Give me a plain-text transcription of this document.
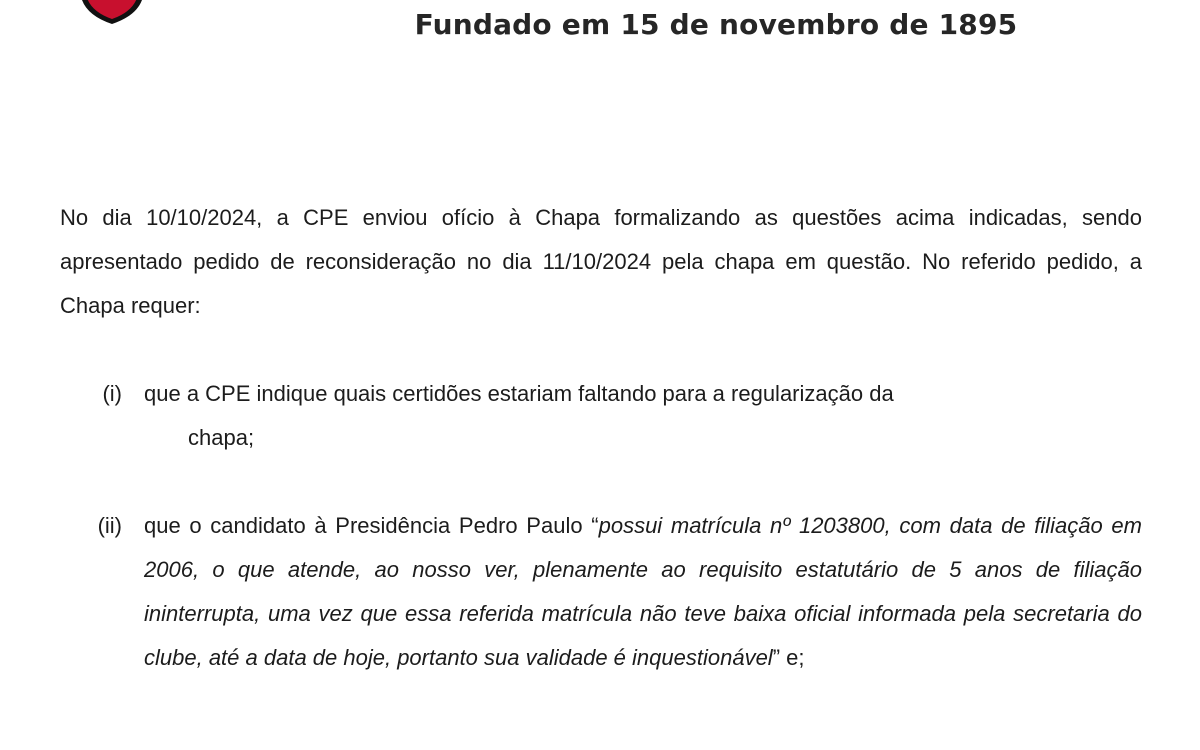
Fundado em 15 de novembro de 1895

No dia 10/10/2024, a CPE enviou ofício à Chapa formalizando as questões acima indicadas, sendo apresentado pedido de reconsideração no dia 11/10/2024 pela chapa em questão. No referido pedido, a Chapa requer:

(i)	que a CPE indique quais certidões estariam faltando para a regularização da
chapa;
(ii)	que o candidato à Presidência Pedro Paulo “possui matrícula nº 1203800, com data de filiação em 2006, o que atende, ao nosso ver, plenamente ao requisito estatutário de 5 anos de filiação ininterrupta, uma vez que essa referida matrícula não teve baixa oficial informada pela secretaria do clube, até a data de hoje, portanto sua validade é inquestionável” e;
